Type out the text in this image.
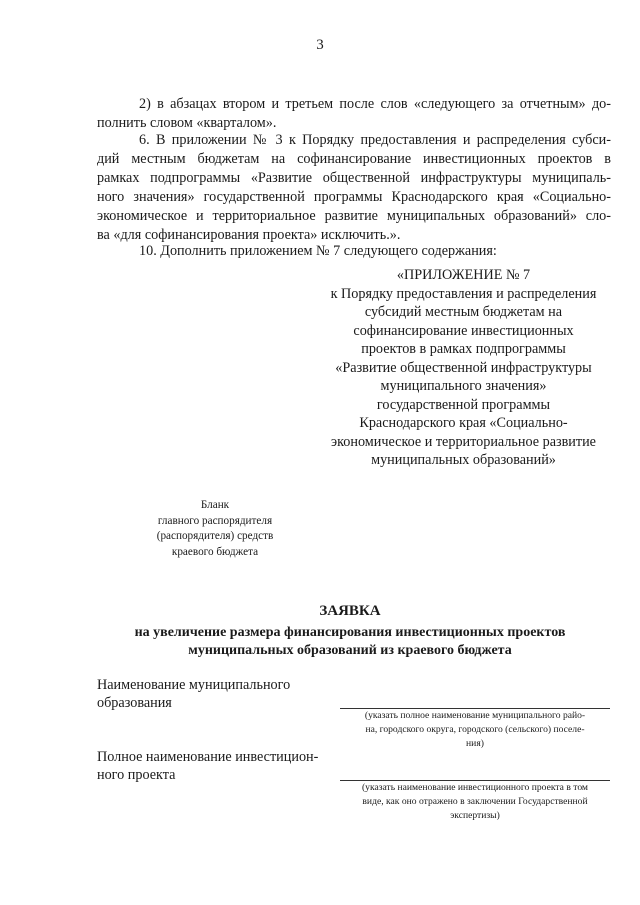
3
2) в абзацах втором и третьем после слов «следующего за отчетным» до-
полнить словом «кварталом».
6. В приложении № 3 к Порядку предоставления и распределения субси-
дий местным бюджетам на софинансирование инвестиционных проектов в
рамках подпрограммы «Развитие общественной инфраструктуры муниципаль-
ного значения» государственной программы Краснодарского края «Социально-
экономическое и территориальное развитие муниципальных образований» сло-
ва «для софинансирования проекта» исключить.».
10. Дополнить приложением № 7 следующего содержания:
«ПРИЛОЖЕНИЕ № 7
к Порядку предоставления и распределения
субсидий местным бюджетам на
софинансирование инвестиционных
проектов в рамках подпрограммы
«Развитие общественной инфраструктуры
муниципального значения»
государственной программы
Краснодарского края «Социально-
экономическое и территориальное развитие
муниципальных образований»
Бланк
главного распорядителя
(распорядителя) средств
краевого бюджета
ЗАЯВКА
на увеличение размера финансирования инвестиционных проектов
муниципальных образований из краевого бюджета
Наименование муниципального
образования
(указать полное наименование муниципального райо-
на, городского округа, городского (сельского) поселе-
ния)
Полное наименование инвестицион-
ного проекта
(указать наименование инвестиционного проекта в том
виде, как оно отражено в заключении Государственной
экспертизы)
